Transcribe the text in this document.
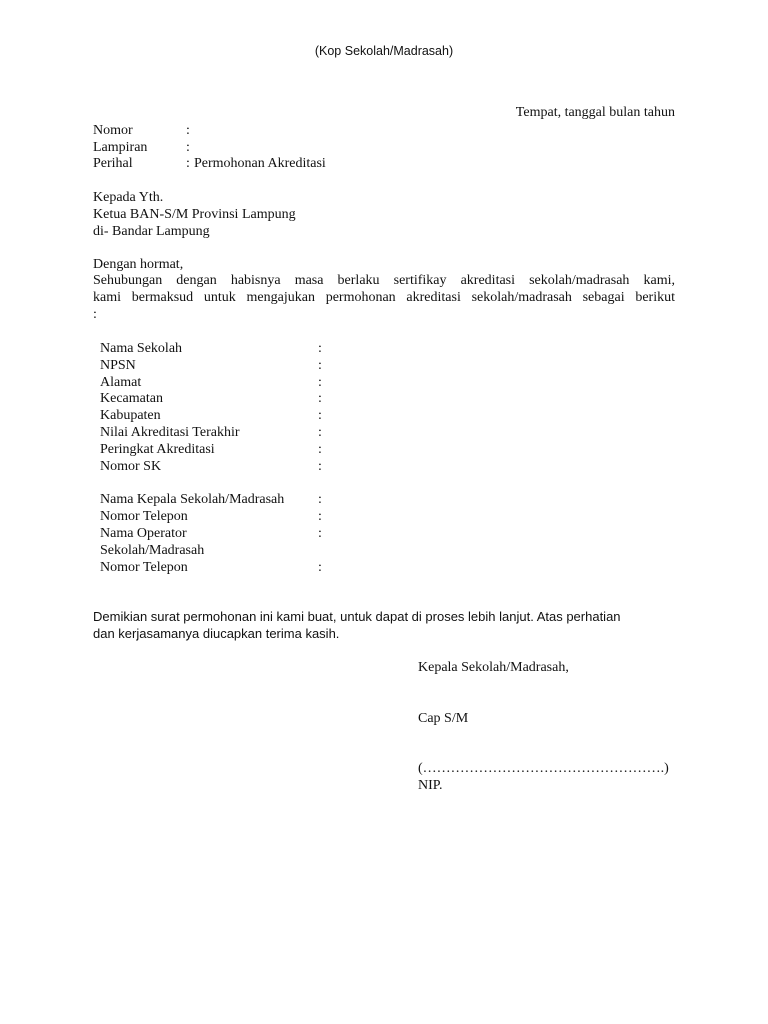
(Kop Sekolah/Madrasah)
Tempat, tanggal bulan tahun
Nomor	:
Lampiran	:
Perihal	: Permohonan Akreditasi
Kepada Yth.
Ketua BAN-S/M Provinsi Lampung
di- Bandar Lampung
Dengan hormat,
Sehubungan dengan habisnya masa berlaku sertifikay akreditasi sekolah/madrasah kami,
kami bermaksud untuk mengajukan permohonan akreditasi sekolah/madrasah sebagai berikut
:
Nama Sekolah	:
NPSN	:
Alamat	:
Kecamatan	:
Kabupaten	:
Nilai Akreditasi Terakhir	:
Peringkat Akreditasi	:
Nomor SK	:
Nama Kepala Sekolah/Madrasah :
Nomor Telepon	:
Nama Operator	:
Sekolah/Madrasah
Nomor Telepon	:
Demikian surat permohonan ini kami buat, untuk dapat di proses lebih lanjut. Atas perhatian
dan kerjasamanya diucapkan terima kasih.
Kepala Sekolah/Madrasah,
Cap S/M
(…………………………………………….)
NIP.
